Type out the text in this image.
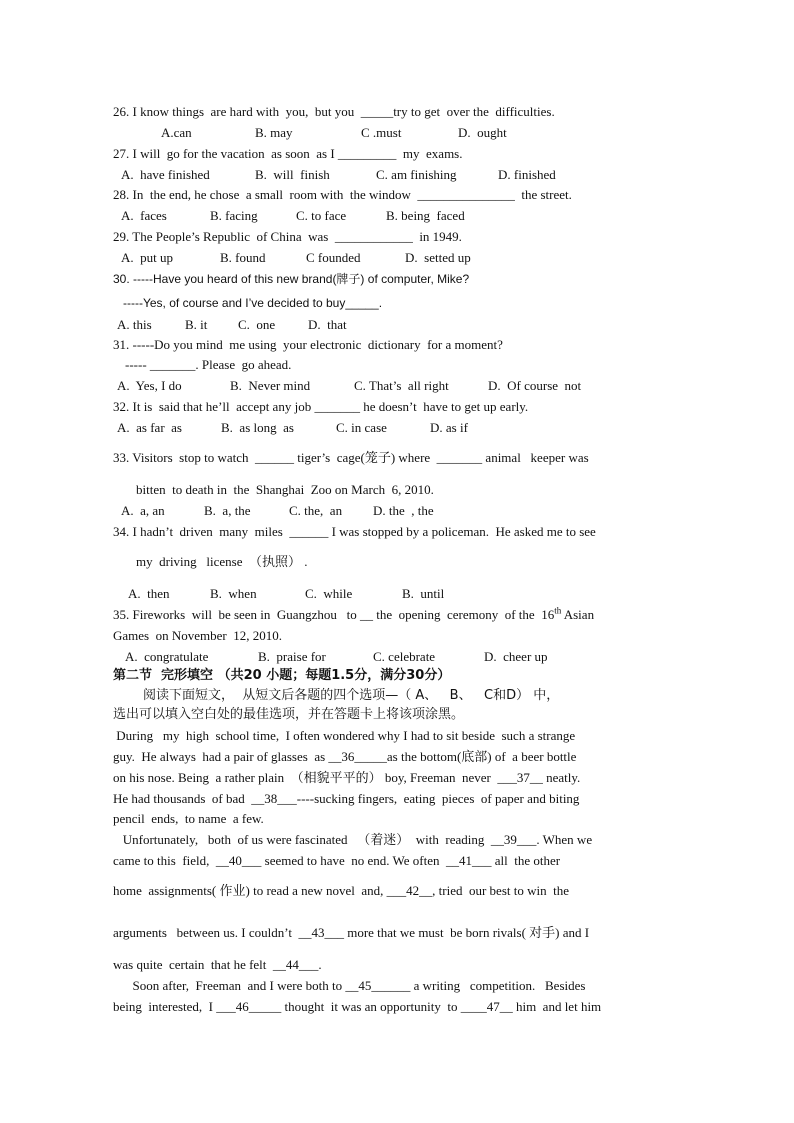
26. I know things  are hard with  you,  but you  _____try to get  over the  difficulties.
A.can	B. may	C .must	D.  ought
27. I will  go for the vacation  as soon  as I _________  my  exams.
A.  have finished	B.  will  finish	C. am finishing	D. finished
28. In  the end, he chose  a small  room with  the window  _______________  the street.
A.  faces	B. facing	C. to face	B. being  faced
29. The People’s Republic  of China  was  ____________  in 1949.
A.  put up	B. found	C founded	D.  setted up
30. -----Have you heard of this new brand(牌子) of computer, Mike?
-----Yes, of course and I’ve decided to buy_____.
A. this	B. it C.  one	D.  that
31. -----Do you mind  me using  your electronic  dictionary  for a moment?
----- _______. Please  go ahead.
A.  Yes, I do	B.  Never mind	C. That’s  all right	D.  Of course  not
32. It is  said that he’ll  accept any job _______ he doesn’t  have to get up early.
A.  as far  as	B.  as long  as	C. in case	D. as if
33. Visitors  stop to watch  ______ tiger’s  cage(笼子) where  _______ animal   keeper was
bitten  to death in  the  Shanghai  Zoo on March  6, 2010.
A.  a, an	B.  a, the	C. the,  an D. the  , the
34. I hadn’t  driven  many  miles  ______ I was stopped by a policeman.  He asked me to see
my  driving   license  （执照） .
A.  then	B.  when	C.  while	B.  until
35. Fireworks  will  be seen in  Guangzhou   to __ the  opening  ceremony  of the  16th Asian
Games  on November  12, 2010.
A.  congratulate	B.  praise for	C. celebrate	D.  cheer up
第二节  完形填空 （共20 小题；每题1.5分，满分30分）
阅读下面短文，  从短文后各题的四个选项—（ A、   B、   C和D） 中，
选出可以填入空白处的最佳选项，并在答题卡上将该项涂黑。
During   my  high  school time,  I often wondered why I had to sit beside  such a strange
guy.  He always  had a pair of glasses  as __36_____as the bottom(底部) of  a beer bottle
on his nose. Being  a rather plain  （相貌平平的） boy, Freeman  never  ___37__ neatly.
He had thousands  of bad  __38___----sucking fingers,  eating  pieces  of paper and biting
pencil  ends,  to name  a few.
Unfortunately,   both  of us were fascinated   （着迷）  with  reading  __39___. When we
came to this  field,  __40___ seemed to have  no end. We often  __41___ all  the other
home  assignments( 作业) to read a new novel  and, ___42__, tried  our best to win  the
arguments   between us. I couldn’t  __43___ more that we must  be born rivals( 对手) and I
was quite  certain  that he felt  __44___.
Soon after,  Freeman  and I were both to __45______ a writing   competition.   Besides
being  interested,  I ___46_____ thought  it was an opportunity  to ____47__ him  and let him
